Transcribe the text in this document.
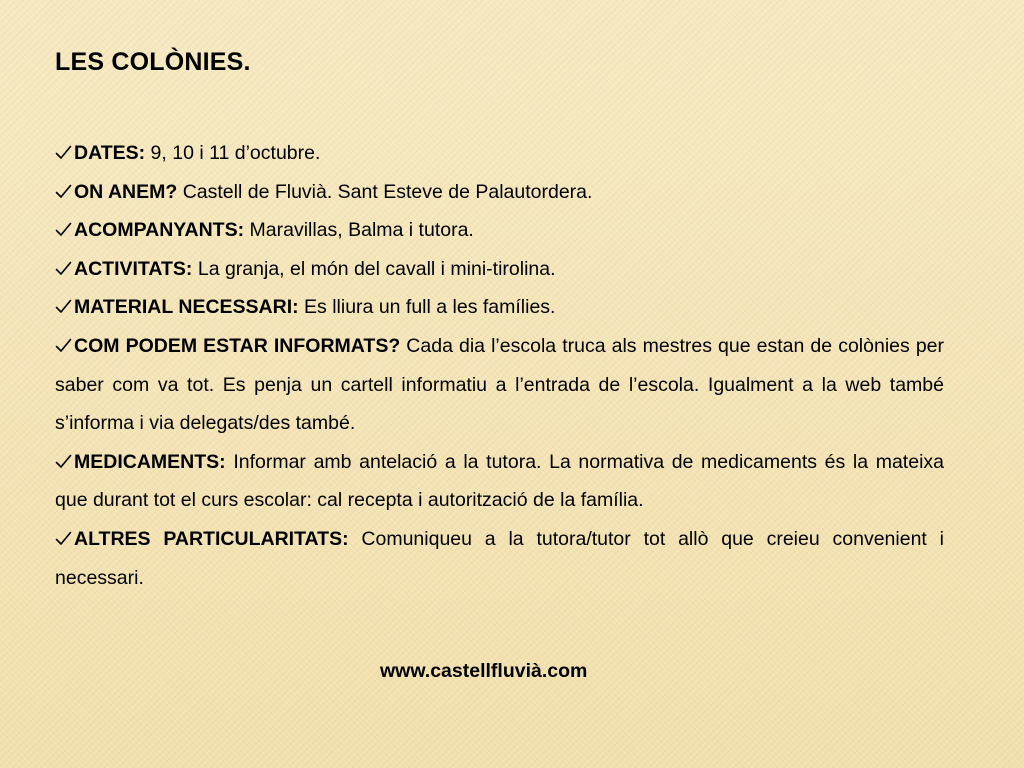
LES COLÒNIES.
DATES: 9, 10 i 11 d’octubre.
ON ANEM? Castell de Fluvià. Sant Esteve de Palautordera.
ACOMPANYANTS: Maravillas, Balma i tutora.
ACTIVITATS: La granja, el món del cavall i mini-tirolina.
MATERIAL NECESSARI: Es lliura un full a les famílies.
COM PODEM ESTAR INFORMATS? Cada dia l’escola truca als mestres que estan de colònies per saber com va tot. Es penja un cartell informatiu a l’entrada de l’escola. Igualment a la web també s’informa i via delegats/des també.
MEDICAMENTS: Informar amb antelació a la tutora. La normativa de medicaments és la mateixa que durant tot el curs escolar: cal recepta i autorització de la família.
ALTRES PARTICULARITATS: Comuniqueu a la tutora/tutor tot allò que creieu convenient i necessari.
www.castellfluvià.com
